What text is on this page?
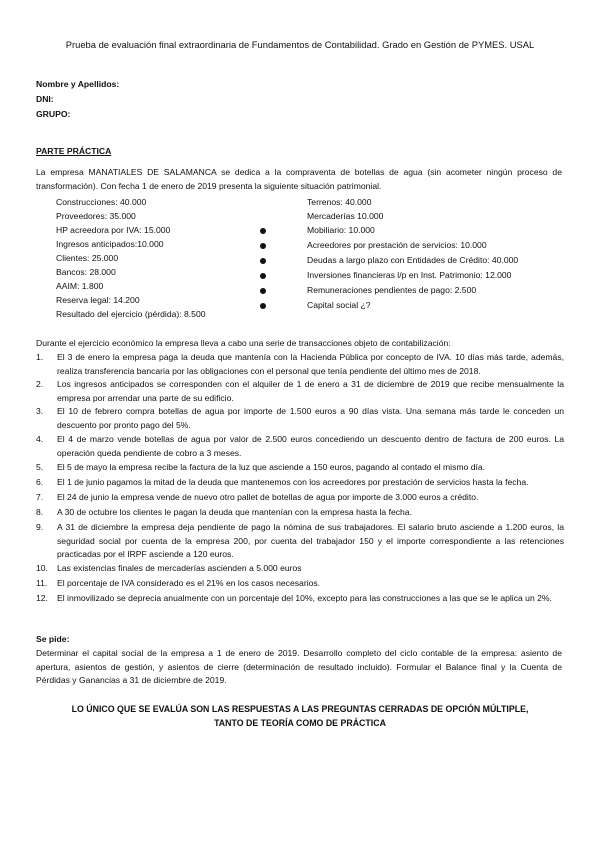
Prueba de evaluación final extraordinaria de Fundamentos de Contabilidad. Grado en Gestión de PYMES. USAL
Nombre y Apellidos:
DNI:
GRUPO:
PARTE PRÁCTICA
La empresa MANATIALES DE SALAMANCA se dedica a la compraventa de botellas de agua (sin acometer ningún proceso de transformación). Con fecha 1 de enero de 2019 presenta la siguiente situación patrimonial.
Construcciones: 40.000
Proveedores: 35.000
HP acreedora por IVA: 15.000
Ingresos anticipados:10.000
Clientes: 25.000
Bancos: 28.000
AAIM: 1.800
Reserva legal: 14.200
Resultado del ejercicio (pérdida): 8.500
Terrenos: 40.000
Mercaderías 10.000
Mobiliario: 10.000
Acreedores por prestación de servicios: 10.000
Deudas a largo plazo con Entidades de Crédito: 40.000
Inversiones financieras l/p en Inst. Patrimonio: 12.000
Remuneraciones pendientes de pago: 2.500
Capital social ¿?
Durante el ejercicio económico la empresa lleva a cabo una serie de transacciones objeto de contabilización:
1. El 3 de enero la empresa paga la deuda que mantenía con la Hacienda Pública por concepto de IVA. 10 días más tarde, además, realiza transferencia bancaria por las obligaciones con el personal que tenía pendiente del último mes de 2018.
2. Los ingresos anticipados se corresponden con el alquiler de 1 de enero a 31 de diciembre de 2019 que recibe mensualmente la empresa por arrendar una parte de su edificio.
3. El 10 de febrero compra botellas de agua por importe de 1.500 euros a 90 días vista. Una semana más tarde le conceden un descuento por pronto pago del 5%.
4. El 4 de marzo vende botellas de agua por valor de 2.500 euros concediendo un descuento dentro de factura de 200 euros. La operación queda pendiente de cobro a 3 meses.
5. El 5 de mayo la empresa recibe la factura de la luz que asciende a 150 euros, pagando al contado el mismo día.
6. El 1 de junio pagamos la mitad de la deuda que mantenemos con los acreedores por prestación de servicios hasta la fecha.
7. El 24 de junio la empresa vende de nuevo otro pallet de botellas de agua por importe de 3.000 euros a crédito.
8. A 30 de octubre los clientes le pagan la deuda que mantenían con la empresa hasta la fecha.
9. A 31 de diciembre la empresa deja pendiente de pago la nómina de sus trabajadores. El salario bruto asciende a 1.200 euros, la seguridad social por cuenta de la empresa 200, por cuenta del trabajador 150 y el importe correspondiente a las retenciones practicadas por el IRPF asciende a 120 euros.
10. Las existencias finales de mercaderías ascienden a 5.000 euros
11. El porcentaje de IVA considerado es el 21% en los casos necesarios.
12. El inmovilizado se deprecia anualmente con un porcentaje del 10%, excepto para las construcciones a las que se le aplica un 2%.
Se pide:
Determinar el capital social de la empresa a 1 de enero de 2019. Desarrollo completo del ciclo contable de la empresa: asiento de apertura, asientos de gestión, y asientos de cierre (determinación de resultado incluido). Formular el Balance final y la Cuenta de Pérdidas y Ganancias a 31 de diciembre de 2019.
LO ÚNICO QUE SE EVALÚA SON LAS RESPUESTAS A LAS PREGUNTAS CERRADAS DE OPCIÓN MÚLTIPLE, TANTO DE TEORÍA COMO DE PRÁCTICA
